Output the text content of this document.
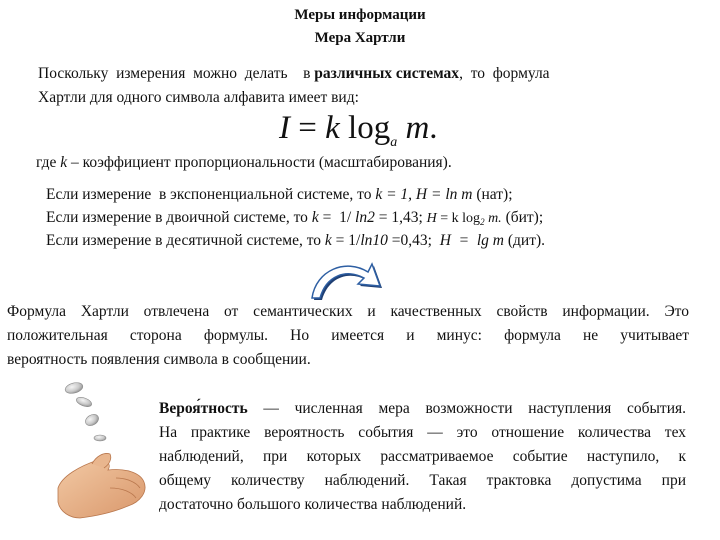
Меры информации
Мера Хартли
Поскольку  измерения  можно  делать    в различных системах,  то  формула
Хартли для одного символа алфавита имеет вид:
I = k $\log_a m$.
где k – коэффициент пропорциональности (масштабирования).
Если измерение  в экспоненциальной системе, то k = 1, H = ln m (нат);
Если измерение в двоичной системе, то k =  1/ ln2 = 1,43; H = k $\log_2 m$. (бит);
Если измерение в десятичной системе, то k = 1/ln10 =0,43;  H  =  lg m (дит).
Формула Хартли отвлечена от семантических и качественных свойств информации. Это
положительная сторона формулы. Но имеется и минус: формула не учитывает
вероятность появления символа в сообщении.
Вероя́тность — численная мера возможности наступления события.
На практике вероятность события — это отношение количества тех
наблюдений, при которых рассматриваемое событие наступило, к
общему количеству наблюдений. Такая трактовка допустима при
достаточно большого количества наблюдений.
